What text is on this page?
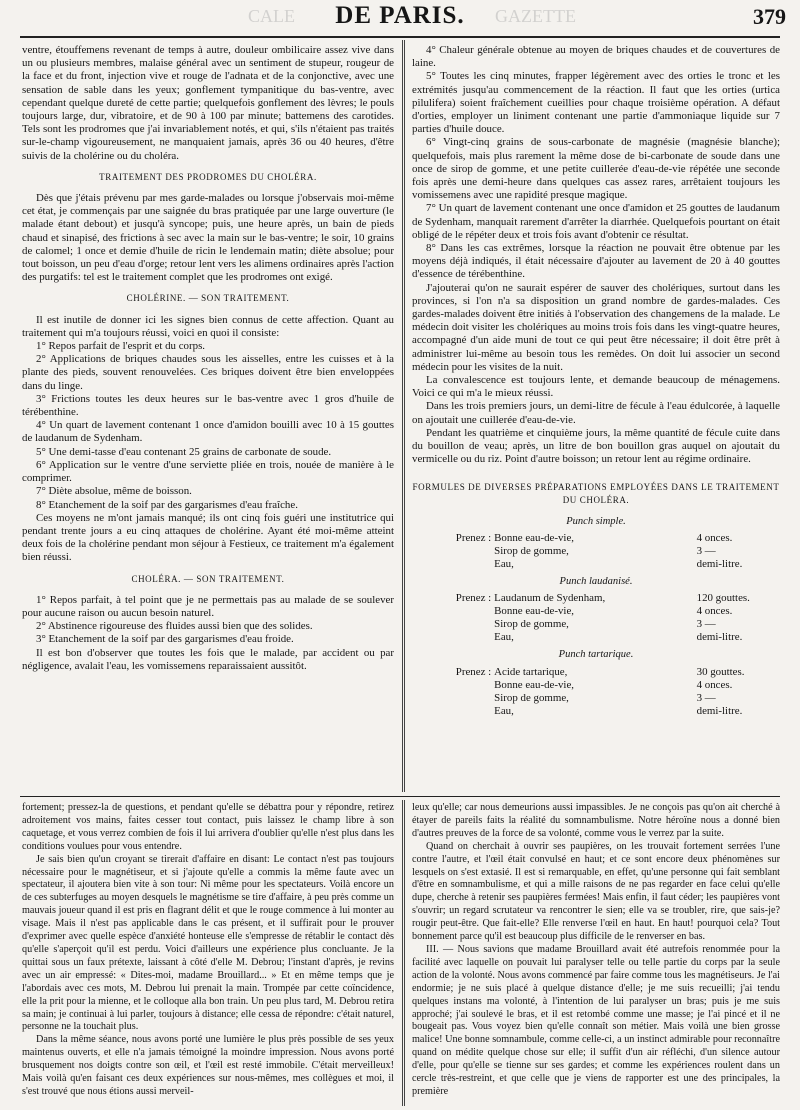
CALE	DE PARIS.	GAZETTE	379

ventre, étouffemens revenant de temps à autre, douleur ombilicaire assez vive dans un ou plusieurs membres, malaise général avec un sentiment de stupeur, rougeur de la face et du front, injection vive et rouge de l'adnata et de la conjonctive, avec une sensation de sable dans les yeux; gonflement tympanitique du bas-ventre, avec cependant quelque dureté de cette partie; quelquefois gonflement des lèvres; le pouls toujours large, dur, vibratoire, et de 90 à 100 par minute; battemens des carotides. Tels sont les prodromes que j'ai invariablement notés, et qui, s'ils n'étaient pas traités sur-le-champ vigoureusement, ne manquaient jamais, après 36 ou 40 heures, d'être suivis de la cholérine ou du choléra.

TRAITEMENT DES PRODROMES DU CHOLÉRA.

Dès que j'étais prévenu par mes garde-malades ou lorsque j'observais moi-même cet état, je commençais par une saignée du bras pratiquée par une large ouverture (le malade étant debout) et jusqu'à syncope; puis, une heure après, un bain de pieds chaud et sinapisé, des frictions à sec avec la main sur le bas-ventre; le soir, 10 grains de calomel; 1 once et demie d'huile de ricin le lendemain matin; diète absolue; pour tout boisson, un peu d'eau d'orge; retour lent vers les alimens ordinaires après l'action des purgatifs: tel est le traitement complet que les prodromes ont exigé.

CHOLÉRINE. — SON TRAITEMENT.

Il est inutile de donner ici les signes bien connus de cette affection. Quant au traitement qui m'a toujours réussi, voici en quoi il consiste:

1° Repos parfait de l'esprit et du corps.

2° Applications de briques chaudes sous les aisselles, entre les cuisses et à la plante des pieds, souvent renouvelées. Ces briques doivent être bien enveloppées dans du linge.

3° Frictions toutes les deux heures sur le bas-ventre avec 1 gros d'huile de térébenthine.

4° Un quart de lavement contenant 1 once d'amidon bouilli avec 10 à 15 gouttes de laudanum de Sydenham.

5° Une demi-tasse d'eau contenant 25 grains de carbonate de soude.

6° Application sur le ventre d'une serviette pliée en trois, nouée de manière à le comprimer.

7° Diète absolue, même de boisson.

8° Etanchement de la soif par des gargarismes d'eau fraîche.

Ces moyens ne m'ont jamais manqué; ils ont cinq fois guéri une institutrice qui pendant trente jours a eu cinq attaques de cholérine. Ayant été moi-même atteint deux fois de la cholérine pendant mon séjour à Festieux, ce traitement m'a également bien réussi.

CHOLÉRA. — SON TRAITEMENT.

1° Repos parfait, à tel point que je ne permettais pas au malade de se soulever pour aucune raison ou aucun besoin naturel.

2° Abstinence rigoureuse des fluides aussi bien que des solides.

3° Etanchement de la soif par des gargarismes d'eau froide.

Il est bon d'observer que toutes les fois que le malade, par accident ou par négligence, avalait l'eau, les vomissemens reparaissaient aussitôt.

4° Chaleur générale obtenue au moyen de briques chaudes et de couvertures de laine.

5° Toutes les cinq minutes, frapper légèrement avec des orties le tronc et les extrémités jusqu'au commencement de la réaction. Il faut que les orties (urtica pilulifera) soient fraîchement cueillies pour chaque troisième opération. A défaut d'orties, employer un liniment contenant une partie d'ammoniaque liquide sur 7 parties d'huile douce.

6° Vingt-cinq grains de sous-carbonate de magnésie (magnésie blanche); quelquefois, mais plus rarement la même dose de bi-carbonate de soude dans une once de sirop de gomme, et une petite cuillerée d'eau-de-vie répétée une seconde fois après une demi-heure dans quelques cas assez rares, arrêtaient toujours les vomissemens avec une rapidité presque magique.

7° Un quart de lavement contenant une once d'amidon et 25 gouttes de laudanum de Sydenham, manquait rarement d'arrêter la diarrhée. Quelquefois pourtant on était obligé de le répéter deux et trois fois avant d'obtenir ce résultat.

8° Dans les cas extrêmes, lorsque la réaction ne pouvait être obtenue par les moyens déjà indiqués, il était nécessaire d'ajouter au lavement de 20 à 40 gouttes d'essence de térébenthine.

J'ajouterai qu'on ne saurait espérer de sauver des cholériques, surtout dans les provinces, si l'on n'a sa disposition un grand nombre de gardes-malades. Ces gardes-malades doivent être initiés à l'observation des changemens de la malade. Le médecin doit visiter les cholériques au moins trois fois dans les vingt-quatre heures, accompagné d'un aide muni de tout ce qui peut être nécessaire; il doit être prêt à administrer lui-même au besoin tous les remèdes. On doit lui associer un second médecin pour les visites de la nuit.

La convalescence est toujours lente, et demande beaucoup de ménagemens. Voici ce qui m'a le mieux réussi.

Dans les trois premiers jours, un demi-litre de fécule à l'eau édulcorée, à laquelle on ajoutait une cuillerée d'eau-de-vie.

Pendant les quatrième et cinquième jours, la même quantité de fécule cuite dans du bouillon de veau; après, un litre de bon bouillon gras auquel on ajoutait du vermicelle ou du riz. Point d'autre boisson; un retour lent au régime ordinaire.

FORMULES DE DIVERSES PRÉPARATIONS EMPLOYÉES DANS LE TRAITEMENT DU CHOLÉRA.
Punch simple.
Prenez :	Bonne eau-de-vie,	4 onces.
	Sirop de gomme,	3 —
	Eau,	demi-litre.
Punch laudanisé.
Prenez :	Laudanum de Sydenham,	120 gouttes.
	Bonne eau-de-vie,	4 onces.
	Sirop de gomme,	3 —
	Eau,	demi-litre.
Punch tartarique.
Prenez :	Acide tartarique,	30 gouttes.
	Bonne eau-de-vie,	4 onces.
	Sirop de gomme,	3 —
	Eau,	demi-litre.

fortement; pressez-la de questions, et pendant qu'elle se débattra pour y répondre, retirez adroitement vos mains, faites cesser tout contact, puis laissez le champ libre à son caquetage, et vous verrez combien de fois il lui arrivera d'oublier qu'elle n'est plus dans les conditions voulues pour vous entendre.

Je sais bien qu'un croyant se tirerait d'affaire en disant: Le contact n'est pas toujours nécessaire pour le magnétiseur, et si j'ajoute qu'elle a commis la même faute avec un spectateur, il ajoutera bien vite à son tour: Ni même pour les spectateurs. Voilà encore un de ces subterfuges au moyen desquels le magnétisme se tire d'affaire, à peu près comme un mauvais joueur quand il est pris en flagrant délit et que le rouge commence à lui monter au visage. Mais il n'est pas applicable dans le cas présent, et il suffirait pour le prouver d'exprimer avec quelle espèce d'anxiété honteuse elle s'empresse de rétablir le contact dès qu'elle s'aperçoit qu'il est perdu. Voici d'ailleurs une expérience plus concluante. Je la quittai sous un faux prétexte, laissant à côté d'elle M. Debrou; l'instant d'après, je revins avec un air empressé: « Dites-moi, madame Brouillard... » Et en même temps que je l'abordais avec ces mots, M. Debrou lui prenait la main. Trompée par cette coïncidence, elle la prit pour la mienne, et le colloque alla bon train. Un peu plus tard, M. Debrou retira sa main; je continuai à lui parler, toujours à distance; elle cessa de répondre: c'était naturel, personne ne la touchait plus.

Dans la même séance, nous avons porté une lumière le plus près possible de ses yeux maintenus ouverts, et elle n'a jamais témoigné la moindre impression. Nous avons porté brusquement nos doigts contre son œil, et l'œil est resté immobile. C'était merveilleux! Mais voilà qu'en faisant ces deux expériences sur nous-mêmes, mes collègues et moi, il s'est trouvé que nous étions aussi merveil-

leux qu'elle; car nous demeurions aussi impassibles. Je ne conçois pas qu'on ait cherché à étayer de pareils faits la réalité du somnambulisme. Notre héroïne nous a donné bien d'autres preuves de la force de sa volonté, comme vous le verrez par la suite.

Quand on cherchait à ouvrir ses paupières, on les trouvait fortement serrées l'une contre l'autre, et l'œil était convulsé en haut; et ce sont encore deux phénomènes sur lesquels on s'est extasié. Il est si remarquable, en effet, qu'une personne qui fait semblant d'être en somnambulisme, et qui a mille raisons de ne pas regarder en face celui qu'elle dupe, cherche à retenir ses paupières fermées! Mais enfin, il faut céder; les paupières vont s'ouvrir; un regard scrutateur va rencontrer le sien; elle va se troubler, rire, que sais-je? rougir peut-être. Que fait-elle? Elle renverse l'œil en haut. En haut! pourquoi cela? Tout bonnement parce qu'il est beaucoup plus difficile de le renverser en bas.

III. — Nous savions que madame Brouillard avait été autrefois renommée pour la facilité avec laquelle on pouvait lui paralyser telle ou telle partie du corps par la seule action de la volonté. Nous avons commencé par faire comme tous les magnétiseurs. Je l'ai endormie; je ne suis placé à quelque distance d'elle; je me suis recueilli; j'ai tendu quelques instans ma volonté, à l'intention de lui paralyser un bras; puis je me suis approché; j'ai soulevé le bras, et il est retombé comme une masse; je l'ai pincé et il ne bougeait pas. Vous voyez bien qu'elle connaît son métier. Mais voilà une bien grosse malice! Une bonne somnambule, comme celle-ci, a un instinct admirable pour reconnaître quand on médite quelque chose sur elle; il suffit d'un air réfléchi, d'un silence autour d'elle, pour qu'elle se tienne sur ses gardes; et comme les expériences roulent dans un cercle très-restreint, et que celle que je viens de rapporter est une des principales, la première
